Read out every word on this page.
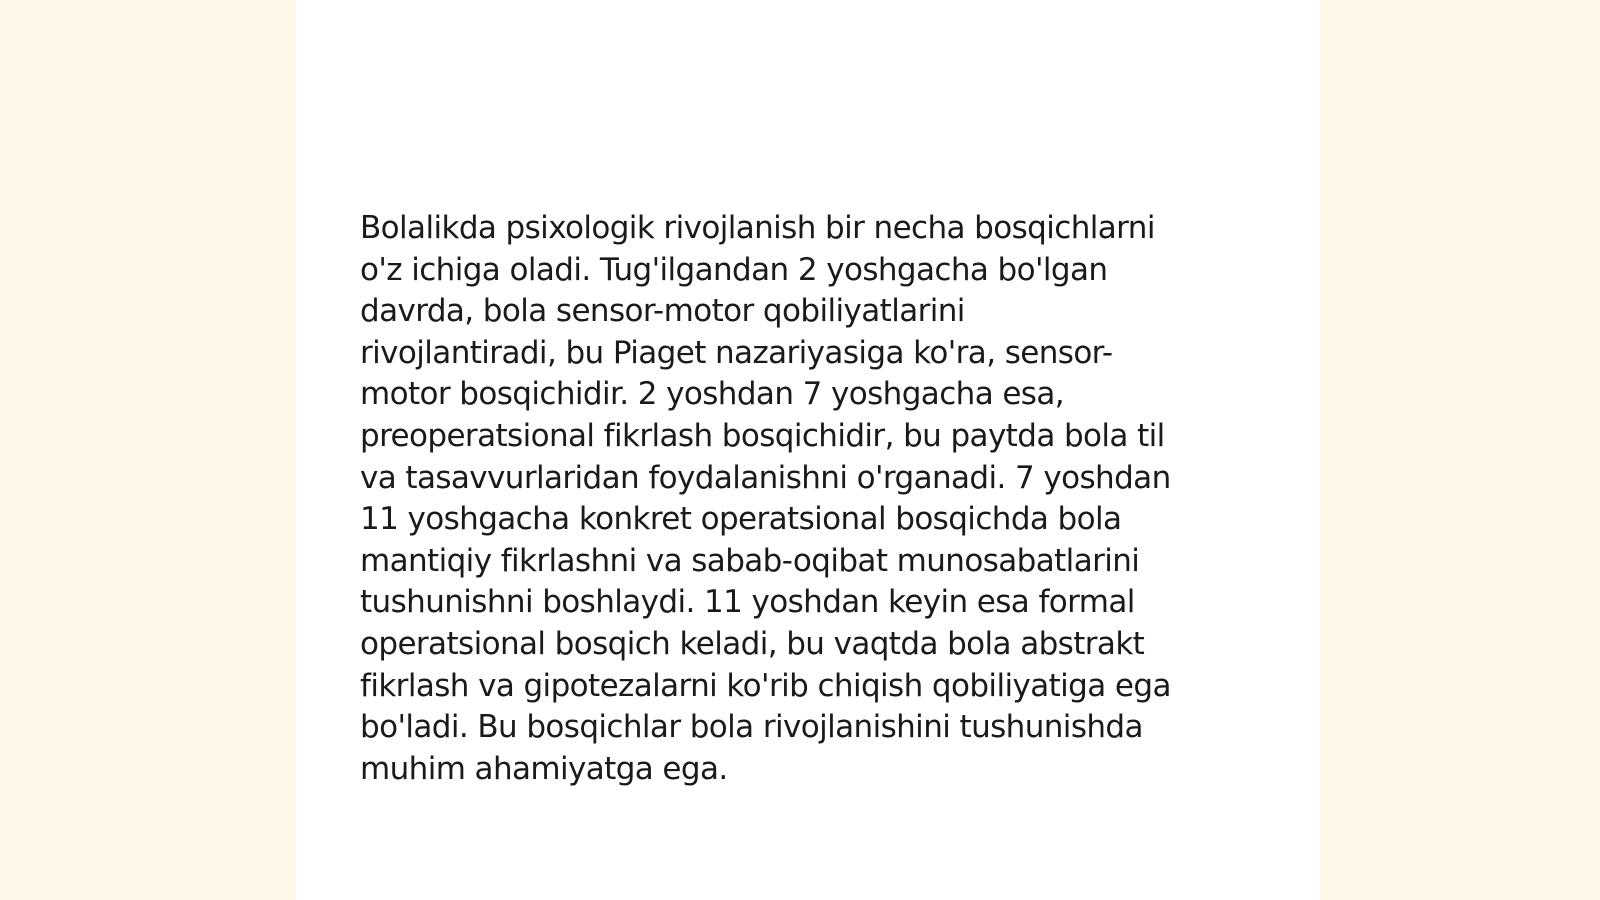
Bolalikda psixologik rivojlanish bir necha bosqichlarni
o'z ichiga oladi. Tug'ilgandan 2 yoshgacha bo'lgan
davrda, bola sensor-motor qobiliyatlarini
rivojlantiradi, bu Piaget nazariyasiga ko'ra, sensor-
motor bosqichidir. 2 yoshdan 7 yoshgacha esa,
preoperatsional fikrlash bosqichidir, bu paytda bola til
va tasavvurlaridan foydalanishni o'rganadi. 7 yoshdan
11 yoshgacha konkret operatsional bosqichda bola
mantiqiy fikrlashni va sabab-oqibat munosabatlarini
tushunishni boshlaydi. 11 yoshdan keyin esa formal
operatsional bosqich keladi, bu vaqtda bola abstrakt
fikrlash va gipotezalarni ko'rib chiqish qobiliyatiga ega
bo'ladi. Bu bosqichlar bola rivojlanishini tushunishda
muhim ahamiyatga ega.
